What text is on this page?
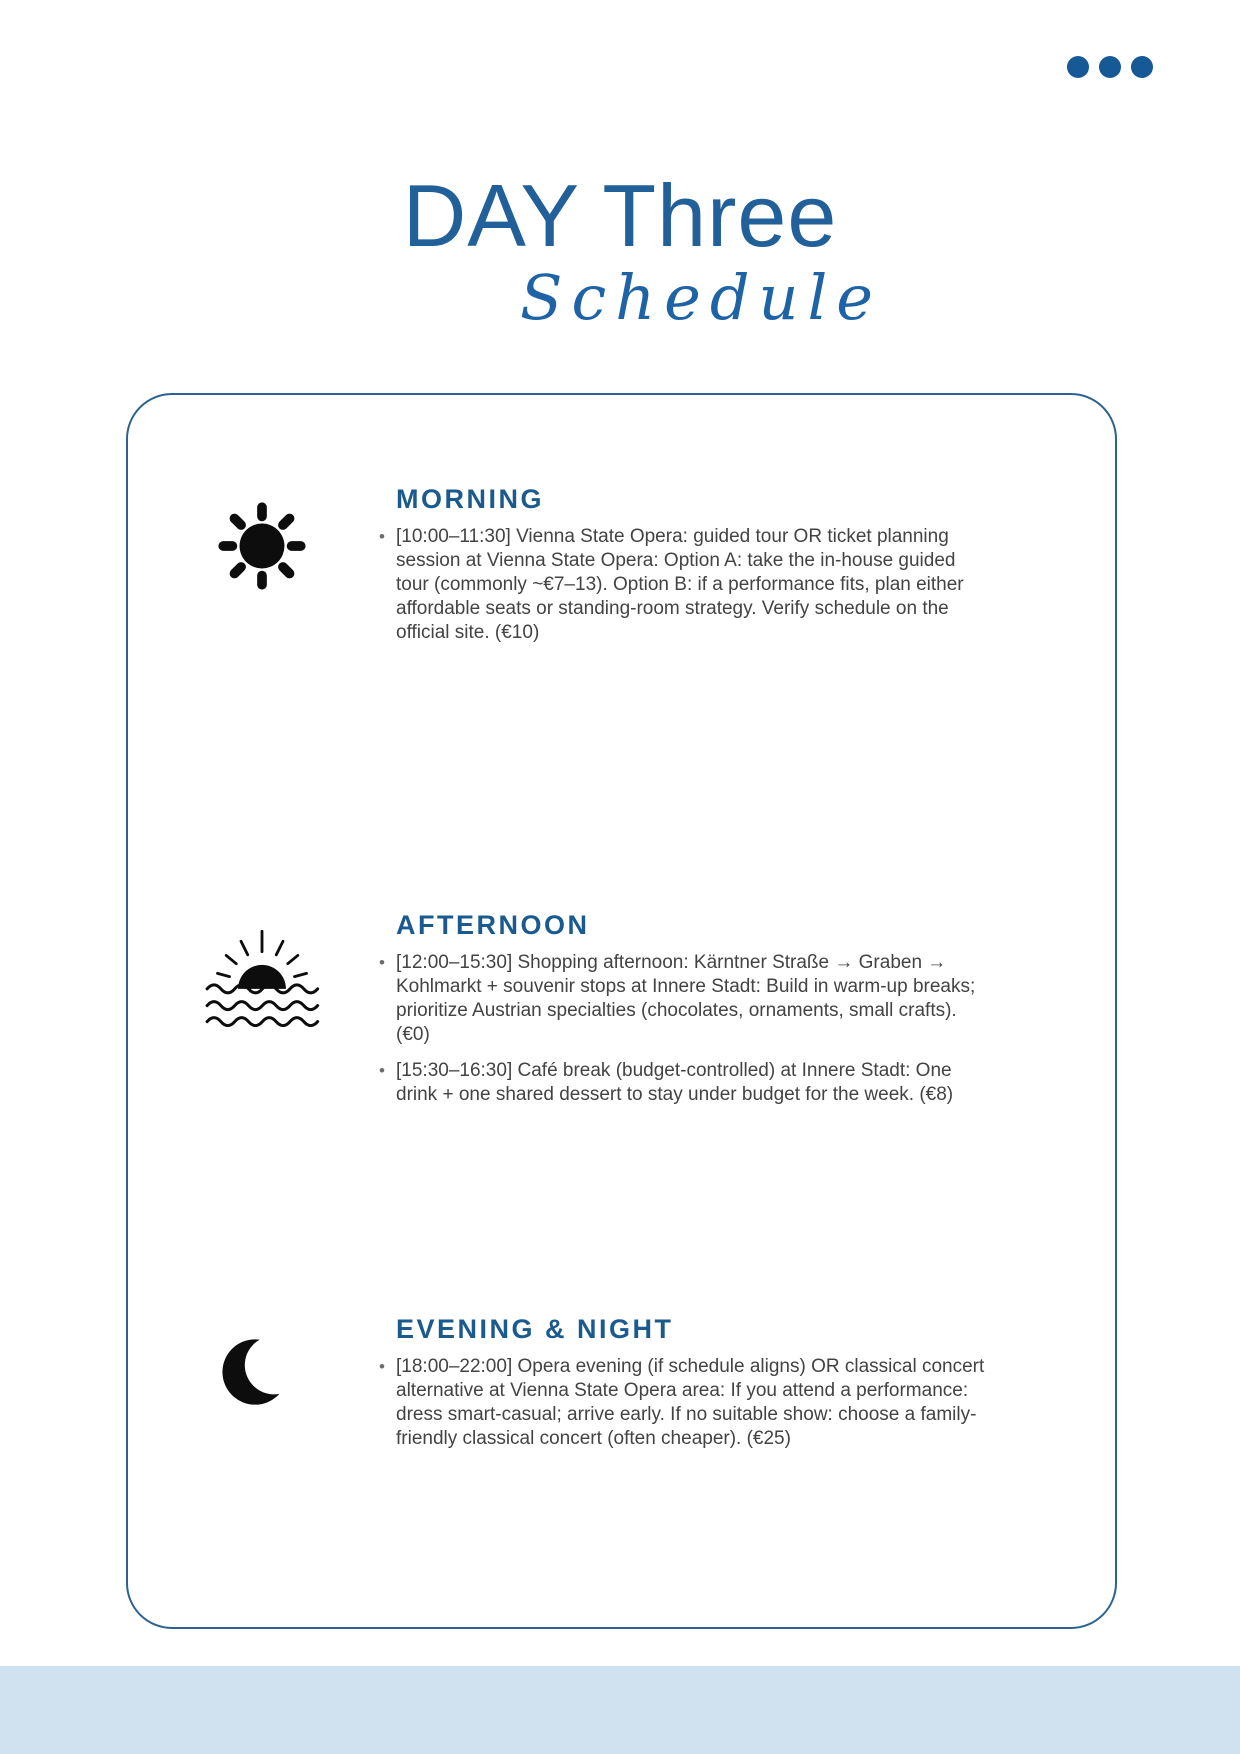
DAY Three
Schedule
MORNING
• [10:00–11:30] Vienna State Opera: guided tour OR ticket planning session at Vienna State Opera: Option A: take the in-house guided tour (commonly ~€7–13). Option B: if a performance fits, plan either affordable seats or standing-room strategy. Verify schedule on the official site. (€10)
AFTERNOON
• [12:00–15:30] Shopping afternoon: Kärntner Straße → Graben → Kohlmarkt + souvenir stops at Innere Stadt: Build in warm-up breaks; prioritize Austrian specialties (chocolates, ornaments, small crafts). (€0)
• [15:30–16:30] Café break (budget-controlled) at Innere Stadt: One drink + one shared dessert to stay under budget for the week. (€8)
EVENING & NIGHT
• [18:00–22:00] Opera evening (if schedule aligns) OR classical concert alternative at Vienna State Opera area: If you attend a performance: dress smart-casual; arrive early. If no suitable show: choose a family-friendly classical concert (often cheaper). (€25)
